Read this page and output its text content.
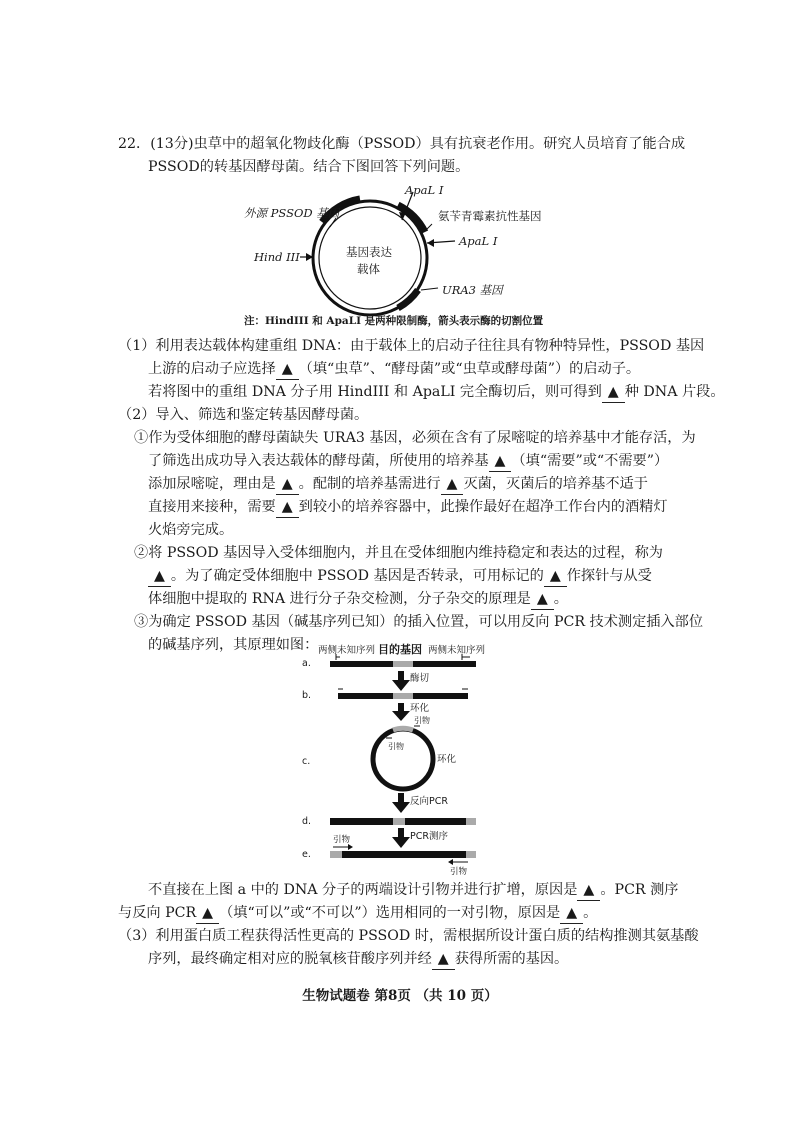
22．(13分)虫草中的超氧化物歧化酶（PSSOD）具有抗衰老作用。研究人员培育了能合成
PSSOD的转基因酵母菌。结合下图回答下列问题。
外源 PSSOD 基因
ApaL I
氨苄青霉素抗性基因
ApaL I
Hind III	基因表达
载体
URA3 基因
注：HindIII 和 ApaLI 是两种限制酶，箭头表示酶的切割位置
（1）利用表达载体构建重组 DNA：由于载体上的启动子往往具有物种特异性，PSSOD 基因
上游的启动子应选择 ▲ （填“虫草”、“酵母菌”或“虫草或酵母菌”）的启动子。
若将图中的重组 DNA 分子用 HindIII 和 ApaLI 完全酶切后，则可得到 ▲ 种 DNA 片段。
（2）导入、筛选和鉴定转基因酵母菌。
①作为受体细胞的酵母菌缺失 URA3 基因，必须在含有了尿嘧啶的培养基中才能存活，为
了筛选出成功导入表达载体的酵母菌，所使用的培养基 ▲ （填“需要”或“不需要”）
添加尿嘧啶，理由是 ▲ 。配制的培养基需进行 ▲ 灭菌，灭菌后的培养基不适于
直接用来接种，需要 ▲ 到较小的培养容器中，此操作最好在超净工作台内的酒精灯
火焰旁完成。
②将 PSSOD 基因导入受体细胞内，并且在受体细胞内维持稳定和表达的过程，称为
▲ 。为了确定受体细胞中 PSSOD 基因是否转录，可用标记的 ▲ 作探针与从受
体细胞中提取的 RNA 进行分子杂交检测，分子杂交的原理是 ▲ 。
③为确定 PSSOD 基因（碱基序列已知）的插入位置，可以用反向 PCR 技术测定插入部位
的碱基序列，其原理如图： 两侧未知序列 目的基因 两侧未知序列
a.
酶切
b.
环化
引物
引物
c.	环化
反向PCR
d.
PCR测序
引物
e.
引物
不直接在上图 a 中的 DNA 分子的两端设计引物并进行扩增，原因是 ▲ 。PCR 测序
与反向 PCR ▲ （填“可以”或“不可以”）选用相同的一对引物，原因是 ▲ 。
（3）利用蛋白质工程获得活性更高的 PSSOD 时，需根据所设计蛋白质的结构推测其氨基酸
序列，最终确定相对应的脱氧核苷酸序列并经 ▲ 获得所需的基因。
生物试题卷 第8页 （共 10 页）
